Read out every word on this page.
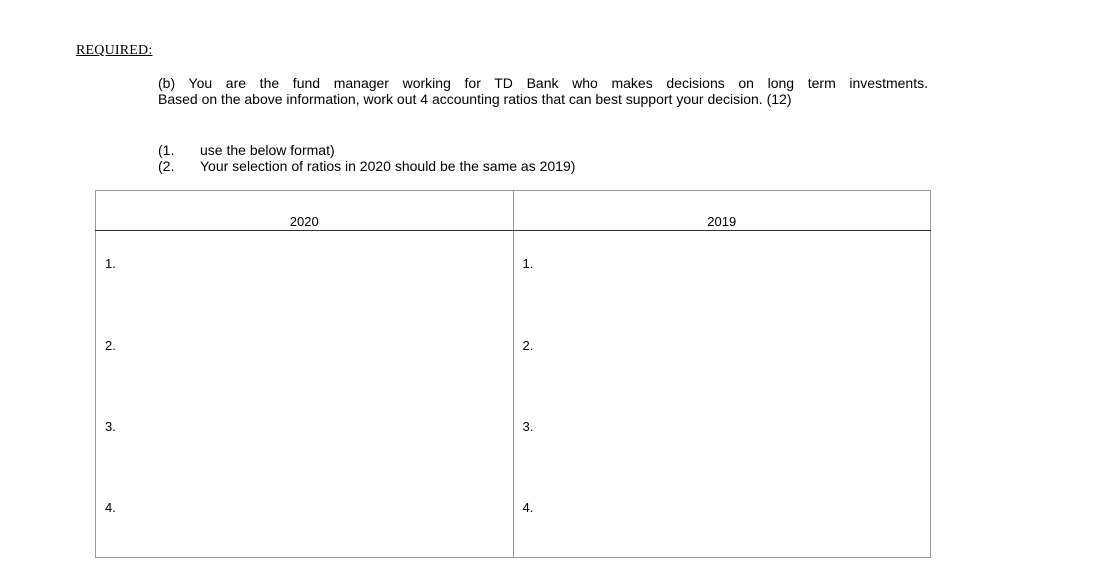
REQUIRED:
(b) You are the fund manager working for TD Bank who makes decisions on long term investments.
Based on the above information, work out 4 accounting ratios that can best support your decision. (12)
(1.	use the below format)
(2.	Your selection of ratios in 2020 should be the same as 2019)
2020	2019
1.	1.
2.	2.
3.	3.
4.	4.
